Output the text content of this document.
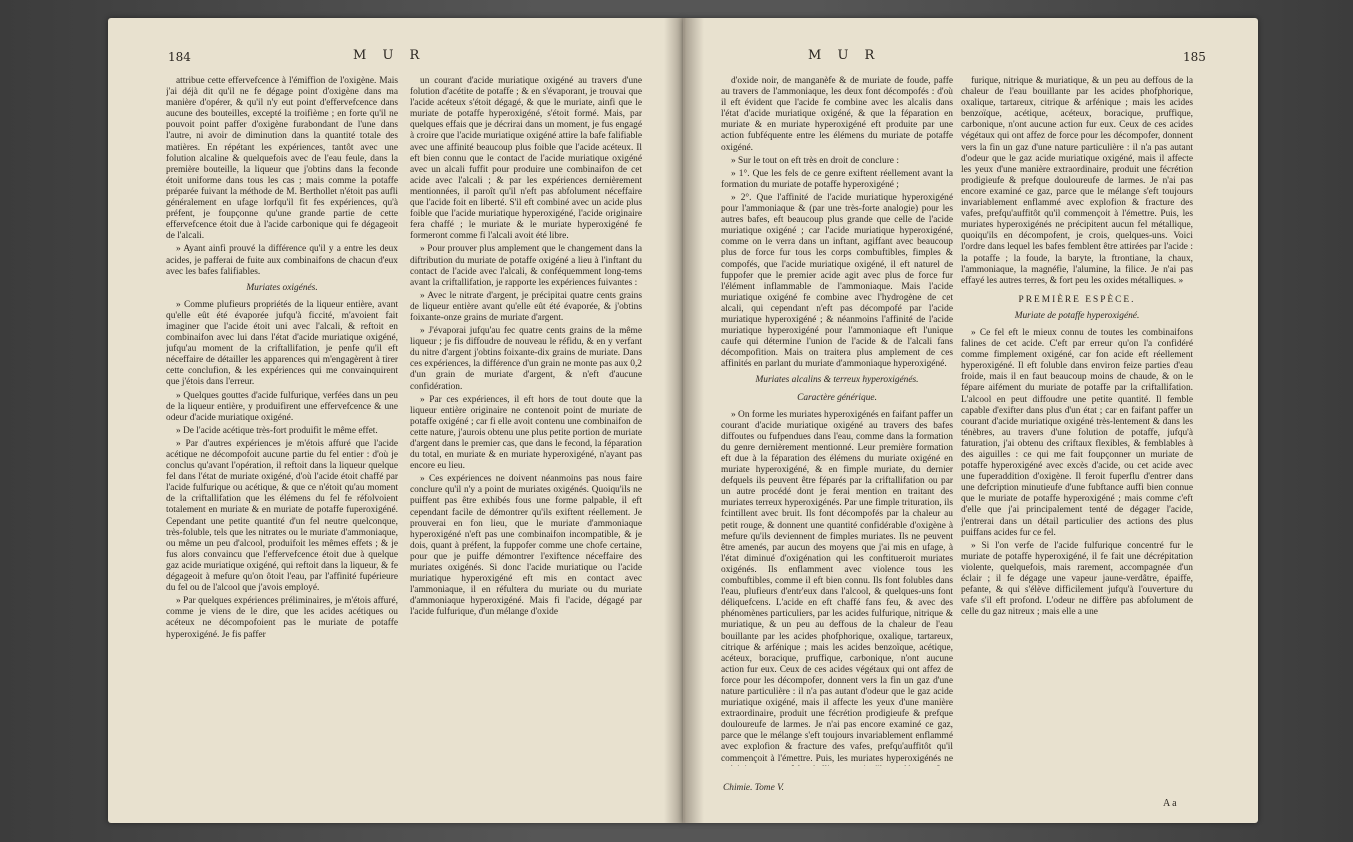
184	M U R

attribue cette effervefcence à l'émiffion de l'oxigène. Mais j'ai déjà dit qu'il ne fe dégage point d'oxigène dans ma manière d'opérer, & qu'il n'y eut point d'effervefcence dans aucune des bouteilles, excepté la troifième ; en forte qu'il ne pouvoit point paffer d'oxigène furabondant de l'une dans l'autre, ni avoir de diminution dans la quantité totale des matières. En répétant les expériences, tantôt avec une folution alcaline & quelquefois avec de l'eau feule, dans la première bouteille, la liqueur que j'obtins dans la feconde étoit uniforme dans tous les cas ; mais comme la potaffe préparée fuivant la méthode de M. Berthollet n'étoit pas aufli généralement en ufage lorfqu'il fit fes expériences, qu'à préfent, je foupçonne qu'une grande partie de cette effervefcence étoit due à l'acide carbonique qui fe dégageoit de l'alcali.

» Ayant ainfi prouvé la différence qu'il y a entre les deux acides, je pafferai de fuite aux combinaifons de chacun d'eux avec les bafes falifiables.

Muriates oxigénés.

» Comme plufieurs propriétés de la liqueur entière, avant qu'elle eût été évaporée jufqu'à ficcité, m'avoient fait imaginer que l'acide étoit uni avec l'alcali, & reftoit en combinaifon avec lui dans l'état d'acide muriatique oxigéné, jufqu'au moment de la criftallifation, je penfe qu'il eft néceffaire de détailler les apparences qui m'engagèrent à tirer cette conclufion, & les expériences qui me convainquirent que j'étois dans l'erreur.

» Quelques gouttes d'acide fulfurique, verfées dans un peu de la liqueur entière, y produifirent une effervefcence & une odeur d'acide muriatique oxigéné.

» De l'acide acétique très-fort produifit le même effet.

» Par d'autres expériences je m'étois affuré que l'acide acétique ne décompofoit aucune partie du fel entier : d'où je conclus qu'avant l'opération, il reftoit dans la liqueur quelque fel dans l'état de muriate oxigéné, d'où l'acide étoit chaffé par l'acide fulfurique ou acétique, & que ce n'étoit qu'au moment de la criftallifation que les élémens du fel fe réfolvoient totalement en muriate & en muriate de potaffe fuperoxigéné. Cependant une petite quantité d'un fel neutre quelconque, très-foluble, tels que les nitrates ou le muriate d'ammoniaque, ou même un peu d'alcool, produifoit les mêmes effets ; & je fus alors convaincu que l'effervefcence étoit due à quelque gaz acide muriatique oxigéné, qui reftoit dans la liqueur, & fe dégageoit à mefure qu'on ôtoit l'eau, par l'affinité fupérieure du fel ou de l'alcool que j'avois employé.

» Par quelques expériences préliminaires, je m'étois affuré, comme je viens de le dire, que les acides acétiques ou acéteux ne décompofoient pas le muriate de potaffe hyperoxigéné. Je fis paffer

un courant d'acide muriatique oxigéné au travers d'une folution d'acétite de potaffe ; & en s'évaporant, je trouvai que l'acide acéteux s'étoit dégagé, & que le muriate, ainfi que le muriate de potaffe hyperoxigéné, s'étoit formé. Mais, par quelques effais que je décrirai dans un moment, je fus engagé à croire que l'acide muriatique oxigéné attire la bafe falifiable avec une affinité beaucoup plus foible que l'acide acéteux. Il eft bien connu que le contact de l'acide muriatique oxigéné avec un alcali fuffit pour produire une combinaifon de cet acide avec l'alcali ; & par les expériences dernièrement mentionnées, il paroît qu'il n'eft pas abfolument néceffaire que l'acide foit en liberté. S'il eft combiné avec un acide plus foible que l'acide muriatique hyperoxigéné, l'acide originaire fera chaffé ; le muriate & le muriate hyperoxigéné fe formeront comme fi l'alcali avoit été libre.

» Pour prouver plus amplement que le changement dans la diftribution du muriate de potaffe oxigéné a lieu à l'inftant du contact de l'acide avec l'alcali, & conféquemment long-tems avant la criftallifation, je rapporte les expériences fuivantes :

» Avec le nitrate d'argent, je précipitai quatre cents grains de liqueur entière avant qu'elle eût été évaporée, & j'obtins foixante-onze grains de muriate d'argent.

» J'évaporai jufqu'au fec quatre cents grains de la même liqueur ; je fis diffoudre de nouveau le réfidu, & en y verfant du nitre d'argent j'obtins foixante-dix grains de muriate. Dans ces expériences, la différence d'un grain ne monte pas aux 0,2 d'un grain de muriate d'argent, & n'eft d'aucune confidération.

» Par ces expériences, il eft hors de tout doute que la liqueur entière originaire ne contenoit point de muriate de potaffe oxigéné ; car fi elle avoit contenu une combinaifon de cette nature, j'aurois obtenu une plus petite portion de muriate d'argent dans le premier cas, que dans le fecond, la féparation du total, en muriate & en muriate hyperoxigéné, n'ayant pas encore eu lieu.

» Ces expériences ne doivent néanmoins pas nous faire conclure qu'il n'y a point de muriates oxigénés. Quoiqu'ils ne puiffent pas être exhibés fous une forme palpable, il eft cependant facile de démontrer qu'ils exiftent réellement. Je prouverai en fon lieu, que le muriate d'ammoniaque hyperoxigéné n'eft pas une combinaifon incompatible, & je dois, quant à préfent, la fuppofer comme une chofe certaine, pour que je puiffe démontrer l'exiftence néceffaire des muriates oxigénés. Si donc l'acide muriatique ou l'acide muriatique hyperoxigéné eft mis en contact avec l'ammoniaque, il en réfultera du muriate ou du muriate d'ammoniaque hyperoxigéné. Mais fi l'acide, dégagé par l'acide fulfurique, d'un mélange d'oxide

M U R	185

d'oxide noir, de manganèfe & de muriate de foude, paffe au travers de l'ammoniaque, les deux font décompofés : d'où il eft évident que l'acide fe combine avec les alcalis dans l'état d'acide muriatique oxigéné, & que la féparation en muriate & en muriate hyperoxigéné eft produite par une action fubféquente entre les élémens du muriate de potaffe oxigéné.

» Sur le tout on eft très en droit de conclure :

» 1°. Que les fels de ce genre exiftent réellement avant la formation du muriate de potaffe hyperoxigéné ;

» 2°. Que l'affinité de l'acide muriatique hyperoxigéné pour l'ammoniaque & (par une très-forte analogie) pour les autres bafes, eft beaucoup plus grande que celle de l'acide muriatique oxigéné ; car l'acide muriatique hyperoxigéné, comme on le verra dans un inftant, agiffant avec beaucoup plus de force fur tous les corps combuftibles, fimples & compofés, que l'acide muriatique oxigéné, il eft naturel de fuppofer que le premier acide agit avec plus de force fur l'élément inflammable de l'ammoniaque. Mais l'acide muriatique oxigéné fe combine avec l'hydrogène de cet alcali, qui cependant n'eft pas décompofé par l'acide muriatique hyperoxigéné ; & néanmoins l'affinité de l'acide muriatique hyperoxigéné pour l'ammoniaque eft l'unique caufe qui détermine l'union de l'acide & de l'alcali fans décompofition. Mais on traitera plus amplement de ces affinités en parlant du muriate d'ammoniaque hyperoxigéné.

Muriates alcalins & terreux hyperoxigénés.

Caractère générique.

» On forme les muriates hyperoxigénés en faifant paffer un courant d'acide muriatique oxigéné au travers des bafes diffoutes ou fufpendues dans l'eau, comme dans la formation du genre dernièrement mentionné. Leur première formation eft due à la féparation des élémens du muriate oxigéné en muriate hyperoxigéné, & en fimple muriate, du dernier defquels ils peuvent être féparés par la criftallifation ou par un autre procédé dont je ferai mention en traitant des muriates terreux hyperoxigénés. Par une fimple trituration, ils fcintillent avec bruit. Ils font décompofés par la chaleur au petit rouge, & donnent une quantité confidérable d'oxigène à mefure qu'ils deviennent de fimples muriates. Ils ne peuvent être amenés, par aucun des moyens que j'ai mis en ufage, à l'état diminué d'oxigénation qui les conftitueroit muriates oxigénés. Ils enflamment avec violence tous les combuftibles, comme il eft bien connu. Ils font folubles dans l'eau, plufieurs d'entr'eux dans l'alcool, & quelques-uns font déliquefcens. L'acide en eft chaffé fans feu, & avec des phénomènes particuliers, par les acides fulfurique, nitrique & muriatique, & un peu au deffous de la chaleur de l'eau bouillante par les acides phofphorique, oxalique, tartareux, citrique & arfénique ; mais les acides benzoïque, acétique, acéteux, boracique, pruffique, carbonique, n'ont aucune action fur eux. Ceux de ces acides végétaux qui ont affez de force pour les décompofer, donnent vers la fin un gaz d'une nature particulière : il n'a pas autant d'odeur que le gaz acide muriatique oxigéné, mais il affecte les yeux d'une manière extraordinaire, produit une fécrétion prodigieufe & prefque douloureufe de larmes. Je n'ai pas encore examiné ce gaz, parce que le mélange s'eft toujours invariablement enflammé avec explofion & fracture des vafes, prefqu'auffitôt qu'il commençoit à l'émettre. Puis, les muriates hyperoxigénés ne

furique, nitrique & muriatique, & un peu au deffous de la chaleur de l'eau bouillante par les acides phofphorique, oxalique, tartareux, citrique & arfénique ; mais les acides benzoïque, acétique, acéteux, boracique, pruffique, carbonique, n'ont aucune action fur eux. Ceux de ces acides végétaux qui ont affez de force pour les décompofer, donnent vers la fin un gaz d'une nature particulière : il n'a pas autant d'odeur que le gaz acide muriatique oxigéné, mais il affecte les yeux d'une manière extraordinaire, produit une fécrétion prodigieufe & prefque douloureufe de larmes. Je n'ai pas encore examiné ce gaz, parce que le mélange s'eft toujours invariablement enflammé avec explofion & fracture des vafes, prefqu'auffitôt qu'il commençoit à l'émettre. Puis, les muriates hyperoxigénés ne précipitent aucun fel métallique, quoiqu'ils en décompofent, je crois, quelques-uns. Voici l'ordre dans lequel les bafes femblent être attirées par l'acide : la potaffe ; la foude, la baryte, la ftrontiane, la chaux, l'ammoniaque, la magnéfie, l'alumine, la filice. Je n'ai pas effayé les autres terres, & fort peu les oxides métalliques. »

PREMIÈRE ESPÈCE.

Muriate de potaffe hyperoxigéné.

» Ce fel eft le mieux connu de toutes les combinaifons falines de cet acide. C'eft par erreur qu'on l'a confidéré comme fimplement oxigéné, car fon acide eft réellement hyperoxigéné. Il eft foluble dans environ feize parties d'eau froide, mais il en faut beaucoup moins de chaude, & on le fépare aifément du muriate de potaffe par la criftallifation. L'alcool en peut diffoudre une petite quantité. Il femble capable d'exifter dans plus d'un état ; car en faifant paffer un courant d'acide muriatique oxigéné très-lentement & dans les ténèbres, au travers d'une folution de potaffe, jufqu'à faturation, j'ai obtenu des criftaux flexibles, & femblables à des aiguilles : ce qui me fait foupçonner un muriate de potaffe hyperoxigéné avec excès d'acide, ou cet acide avec une fuperaddition d'oxigène. Il feroit fuperflu d'entrer dans une defcription minutieufe d'une fubftance auffi bien connue que le muriate de potaffe hyperoxigéné ; mais comme c'eft d'elle que j'ai principalement tenté de dégager l'acide, j'entrerai dans un détail particulier des actions des plus puiffans acides fur ce fel.

» Si l'on verfe de l'acide fulfurique concentré fur le muriate de potaffe hyperoxigéné, il fe fait une décrépitation violente, quelquefois, mais rarement, accompagnée d'un éclair ; il fe dégage une vapeur jaune-verdâtre, épaiffe, pefante, & qui s'élève difficilement jufqu'à l'ouverture du vafe s'il eft profond. L'odeur ne diffère pas abfolument de celle du gaz nitreux ; mais elle a une

Chimie. Tome V.
A a
